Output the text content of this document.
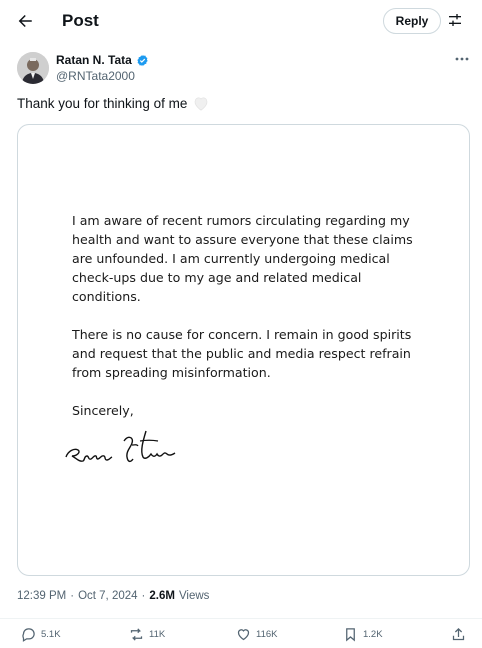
Post	Reply
Ratan N. Tata
@RNTata2000
Thank you for thinking of me

I am aware of recent rumors circulating regarding my health and want to assure everyone that these claims are unfounded. I am currently undergoing medical check-ups due to my age and related medical conditions.

There is no cause for concern. I remain in good spirits and request that the public and media respect refrain from spreading misinformation.

Sincerely,

12:39 PM · Oct 7, 2024 · 2.6M Views
5.1K	11K	116K	1.2K
